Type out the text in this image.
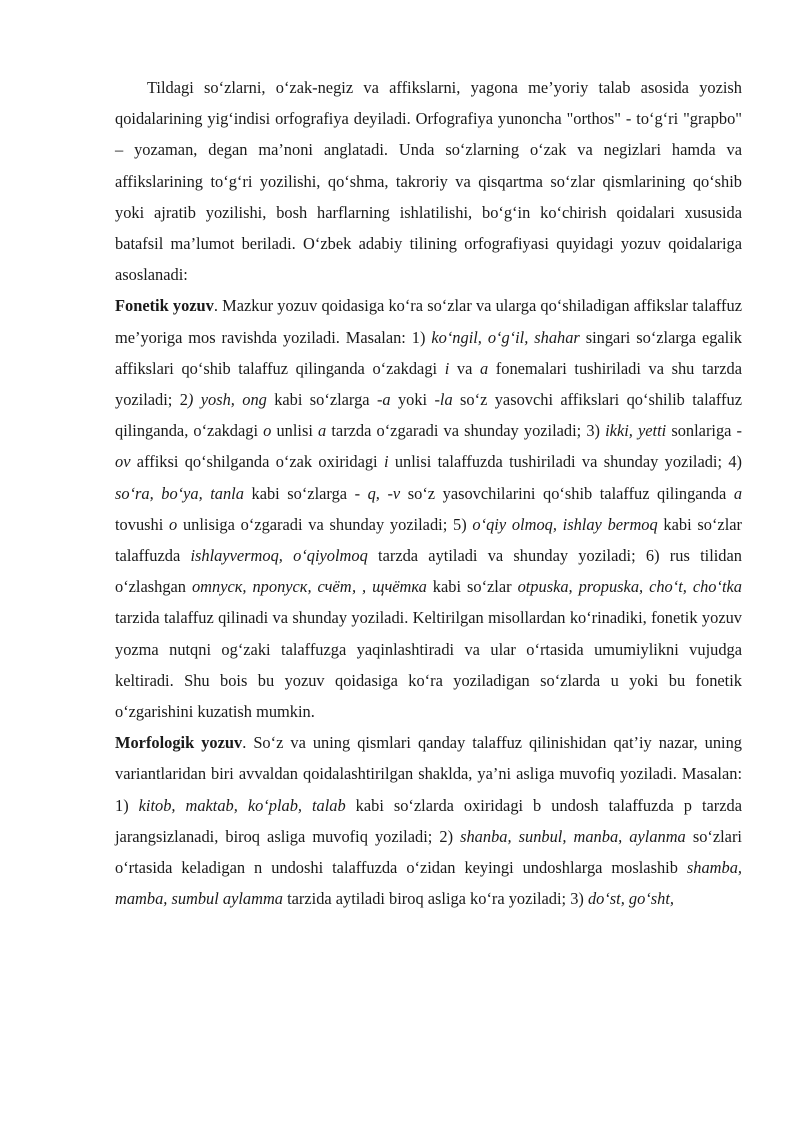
Tildagi so‘zlarni, o‘zak-negiz va affikslarni, yagona me’yoriy talab asosida yozish qoidalarining yig‘indisi orfografiya deyiladi. Orfografiya yunoncha "orthos" - to‘g‘ri "grapbo" – yozaman, degan ma’noni anglatadi. Unda so‘zlarning o‘zak va negizlari hamda va affikslarining to‘g‘ri yozilishi, qo‘shma, takroriy va qisqartma so‘zlar qismlarining qo‘shib yoki ajratib yozilishi, bosh harflarning ishlatilishi, bo‘g‘in ko‘chirish qoidalari xususida batafsil ma’lumot beriladi. O‘zbek adabiy tilining orfografiyasi quyidagi yozuv qoidalariga asoslanadi:

Fonetik yozuv. Mazkur yozuv qoidasiga ko‘ra so‘zlar va ularga qo‘shiladigan affikslar talaffuz me’yoriga mos ravishda yoziladi. Masalan: 1) ko‘ngil, o‘g‘il, shahar singari so‘zlarga egalik affikslari qo‘shib talaffuz qilinganda o‘zakdagi i va a fonemalari tushiriladi va shu tarzda yoziladi; 2) yosh, ong kabi so‘zlarga -a yoki -la so‘z yasovchi affikslari qo‘shilib talaffuz qilinganda, o‘zakdagi o unlisi a tarzda o‘zgaradi va shunday yoziladi; 3) ikki, yetti sonlariga - ov affiksi qo‘shilganda o‘zak oxiridagi i unlisi talaffuzda tushiriladi va shunday yoziladi; 4) so‘ra, bo‘ya, tanla kabi so‘zlarga - q, -v so‘z yasovchilarini qo‘shib talaffuz qilinganda a tovushi o unlisiga o‘zgaradi va shunday yoziladi; 5) o‘qiy olmoq, ishlay bermoq kabi so‘zlar talaffuzda ishlayvermoq, o‘qiyolmoq tarzda aytiladi va shunday yoziladi; 6) rus tilidan o‘zlashgan отпуск, пропуск, счёт, , щчётка kabi so‘zlar otpuska, propuska, cho‘t, cho‘tka tarzida talaffuz qilinadi va shunday yoziladi. Keltirilgan misollardan ko‘rinadiki, fonetik yozuv yozma nutqni og‘zaki talaffuzga yaqinlashtiradi va ular o‘rtasida umumiylikni vujudga keltiradi. Shu bois bu yozuv qoidasiga ko‘ra yoziladigan so‘zlarda u yoki bu fonetik o‘zgarishini kuzatish mumkin.

Morfologik yozuv. So‘z va uning qismlari qanday talaffuz qilinishidan qat’iy nazar, uning variantlaridan biri avvaldan qoidalashtirilgan shaklda, ya’ni asliga muvofiq yoziladi. Masalan: 1) kitob, maktab, ko‘plab, talab kabi so‘zlarda oxiridagi b undosh talaffuzda p tarzda jarangsizlanadi, biroq asliga muvofiq yoziladi; 2) shanba, sunbul, manba, aylanma so‘zlari o‘rtasida keladigan n undoshi talaffuzda o‘zidan keyingi undoshlarga moslashib shamba, mamba, sumbul aylamma tarzida aytiladi biroq asliga ko‘ra yoziladi; 3) do‘st, go‘sht,
